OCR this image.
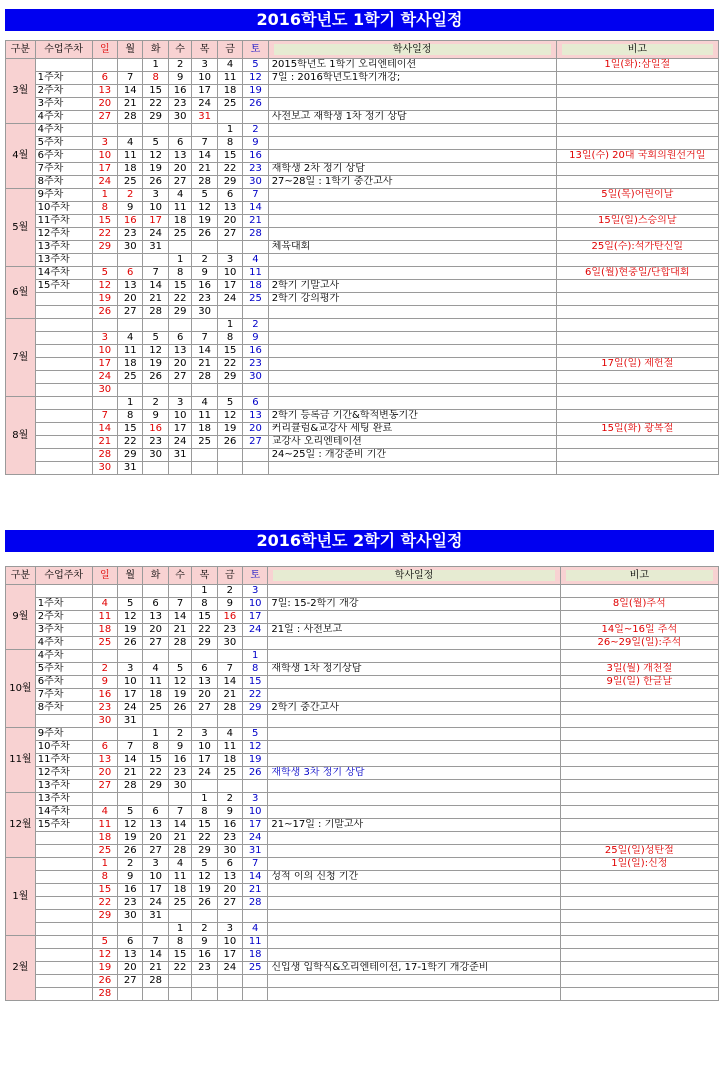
2016학년도 1학기 학사일정
구분	수업주차	일	월	화	수	목	금	토	학사일정	비고

3월				1	2	3	4	5	2015학년도 1학기 오리엔테이션	1일(화):삼일절
	1주차	6	7	8	9	10	11	12	7일 : 2016학년도1학기개강;	
	2주차	13	14	15	16	17	18	19		
	3주차	20	21	22	23	24	25	26		
	4주차	27	28	29	30	31			사전보고 재학생 1차 정기 상담	
4월	4주차						1	2		
	5주차	3	4	5	6	7	8	9		
	6주차	10	11	12	13	14	15	16		13일(수) 20대 국회의원선거일
	7주차	17	18	19	20	21	22	23	재학생 2차 정기 상담	
	8주차	24	25	26	27	28	29	30	27~28일 : 1학기 중간고사	
5월	9주차	1	2	3	4	5	6	7		5일(목)어린이날
	10주차	8	9	10	11	12	13	14		
	11주차	15	16	17	18	19	20	21		15일(일)스승의날
	12주차	22	23	24	25	26	27	28		
	13주차	29	30	31					체육대회	25일(수):석가탄신일
	13주차				1	2	3	4		
6월	14주차	5	6	7	8	9	10	11		6일(월)현충일/단합대회
	15주차	12	13	14	15	16	17	18	2학기 기말고사	
		19	20	21	22	23	24	25	2학기 강의평가	
		26	27	28	29	30				
7월							1	2		
		3	4	5	6	7	8	9		
		10	11	12	13	14	15	16		
		17	18	19	20	21	22	23		17일(일) 제헌절
		24	25	26	27	28	29	30		
		30								
8월			1	2	3	4	5	6		
		7	8	9	10	11	12	13	2학기 등록금 기간&학적변동기간	
		14	15	16	17	18	19	20	커리큘럼&교강사 세팅 완료	15일(화) 광복절
		21	22	23	24	25	26	27	교강사 오리엔테이션	
		28	29	30	31				24~25일 : 개강준비 기간	
		30	31							
2016학년도 2학기 학사일정
구분	수업주차	일	월	화	수	목	금	토	학사일정	비고

9월						1	2	3		
	1주차	4	5	6	7	8	9	10	7일: 15-2학기 개강	8일(월)추석
	2주차	11	12	13	14	15	16	17		
	3주차	18	19	20	21	22	23	24	21일 : 사전보고	14일~16일 추석
	4주차	25	26	27	28	29	30			26~29일(일):추석
10월	4주차							1		
	5주차	2	3	4	5	6	7	8	재학생 1차 정기상담	3일(월) 개천절
	6주차	9	10	11	12	13	14	15		9일(일) 한글날
	7주차	16	17	18	19	20	21	22		
	8주차	23	24	25	26	27	28	29	2학기 중간고사	
		30	31							
11월	9주차			1	2	3	4	5		
	10주차	6	7	8	9	10	11	12		
	11주차	13	14	15	16	17	18	19		
	12주차	20	21	22	23	24	25	26	재학생 3차 정기 상담	
	13주차	27	28	29	30					
12월	13주차					1	2	3		
	14주차	4	5	6	7	8	9	10		
	15주차	11	12	13	14	15	16	17	21~17일 : 기말고사	
		18	19	20	21	22	23	24		
		25	26	27	28	29	30	31		25일(일)성탄절
1월		1	2	3	4	5	6	7		1일(일):신정
		8	9	10	11	12	13	14	성적 이의 신청 기간	
		15	16	17	18	19	20	21		
		22	23	24	25	26	27	28		
		29	30	31						
					1	2	3	4		
2월		5	6	7	8	9	10	11		
		12	13	14	15	16	17	18		
		19	20	21	22	23	24	25	신입생 입학식&오리엔테이션, 17-1학기 개강준비	
		26	27	28						
		28								
